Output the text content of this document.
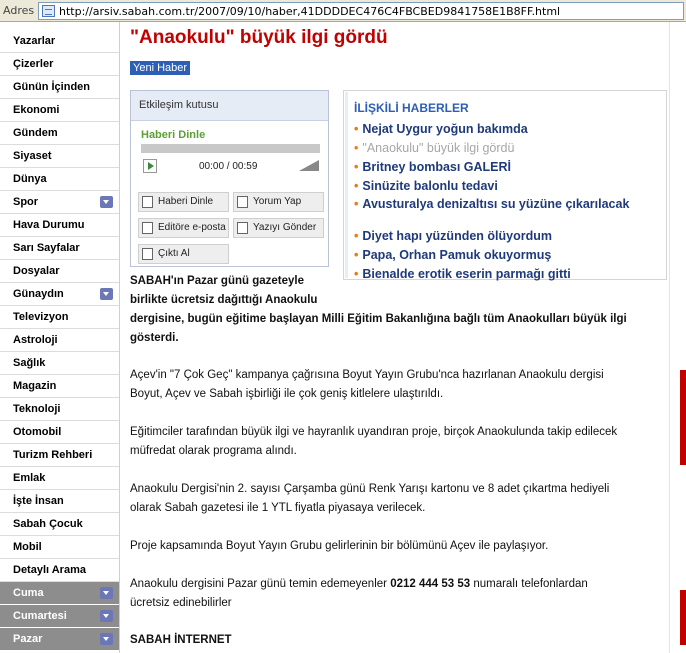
Adres http://arsiv.sabah.com.tr/2007/09/10/haber,41DDDDEC476C4FBCBED9841758E1B8FF.html
Yazarlar
Çizerler
Günün İçinden
Ekonomi
Gündem
Siyaset
Dünya
Spor
Hava Durumu
Sarı Sayfalar
Dosyalar
Günaydın
Televizyon
Astroloji
Sağlık
Magazin
Teknoloji
Otomobil
Turizm Rehberi
Emlak
İşte İnsan
Sabah Çocuk
Mobil
Detaylı Arama
Cuma
Cumartesi
Pazar
"Anaokulu" büyük ilgi gördü
Yeni Haber
Etkileşim kutusu
Haberi Dinle
00:00 / 00:59
Haberi Dinle	Yorum Yap
Editöre e-posta	Yazıyı Gönder
Çıktı Al
İLİŞKİLİ HABERLER
• Nejat Uygur yoğun bakımda
• "Anaokulu" büyük ilgi gördü
• Britney bombası GALERİ
• Sinüzite balonlu tedavi
• Avusturalya denizaltısı su yüzüne çıkarılacak
• Diyet hapı yüzünden ölüyordum
• Papa, Orhan Pamuk okuyormuş
• Bienalde erotik eserin parmağı gitti
SABAH'ın Pazar günü gazeteyle
birlikte ücretsiz dağıttığı Anaokulu
dergisine, bugün eğitime başlayan Milli Eğitim Bakanlığına bağlı tüm Anaokulları büyük ilgi
gösterdi.
Açev'in "7 Çok Geç" kampanya çağrısına Boyut Yayın Grubu'nca hazırlanan Anaokulu dergisi
Boyut, Açev ve Sabah işbirliği ile çok geniş kitlelere ulaştırıldı.
Eğitimciler tarafından büyük ilgi ve hayranlık uyandıran proje, birçok Anaokulunda takip edilecek
müfredat olarak programa alındı.
Anaokulu Dergisi'nin 2. sayısı Çarşamba günü Renk Yarışı kartonu ve 8 adet çıkartma hediyeli
olarak Sabah gazetesi ile 1 YTL fiyatla piyasaya verilecek.
Proje kapsamında Boyut Yayın Grubu gelirlerinin bir bölümünü Açev ile paylaşıyor.
Anaokulu dergisini Pazar günü temin edemeyenler 0212 444 53 53 numaralı telefonlardan
ücretsiz edinebilirler
SABAH İNTERNET
